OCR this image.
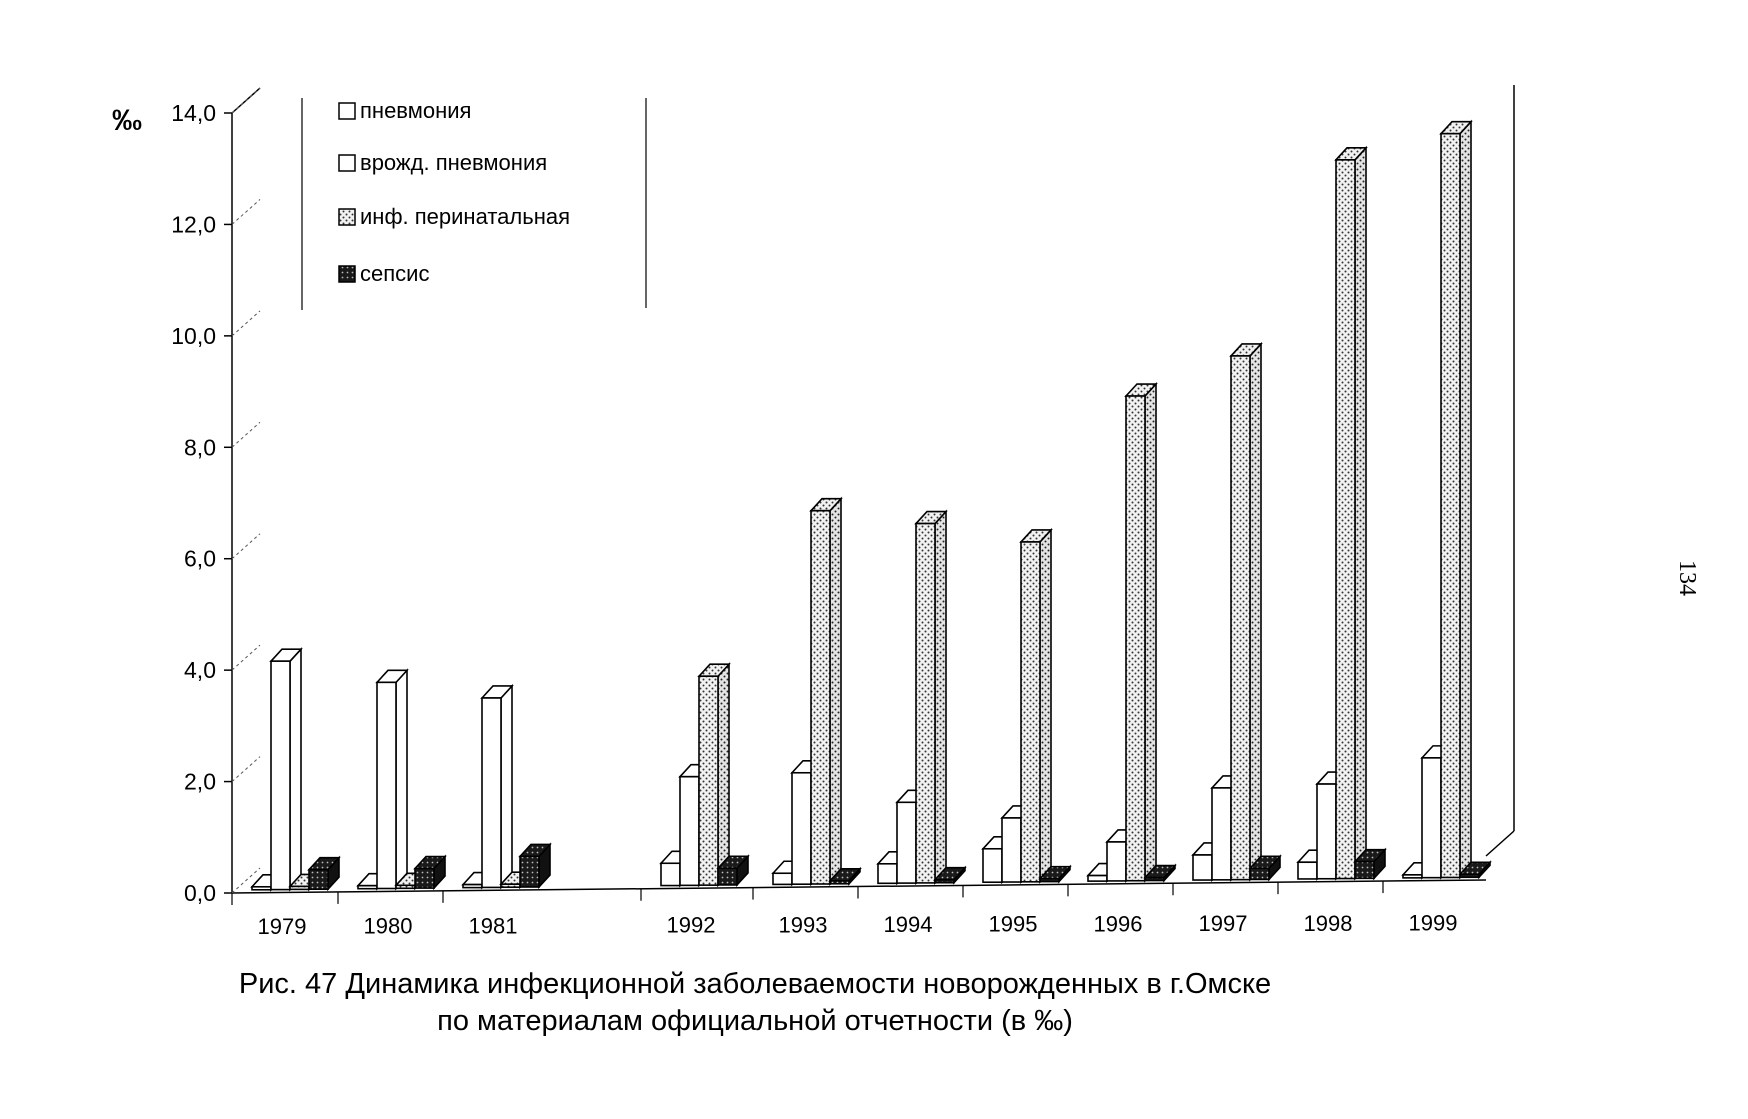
0,0
2,0
4,0
6,0
8,0
10,0
12,0
14,0
1979	1980	1981	1992	1993	1994	1995	1996	1997	1998	1999
‰	пневмония
врожд. пневмония
инф. перинатальная
сепсис
Рис. 47 Динамика инфекционной заболеваемости новорожденных в г.Омске
по материалам официальной отчетности (в ‰)
134
